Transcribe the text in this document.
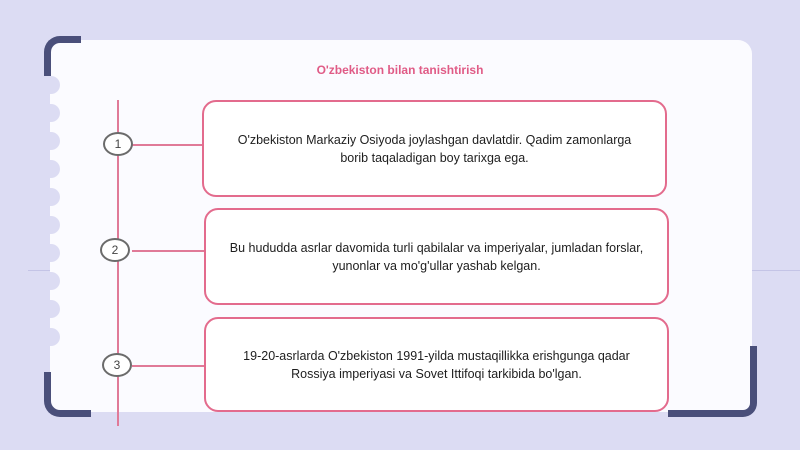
O'zbekiston bilan tanishtirish
1
2
3
O'zbekiston Markaziy Osiyoda joylashgan davlatdir. Qadim zamonlarga borib taqaladigan boy tarixga ega.
Bu hududda asrlar davomida turli qabilalar va imperiyalar, jumladan forslar, yunonlar va mo'g'ullar yashab kelgan.
19-20-asrlarda O'zbekiston 1991-yilda mustaqillikka erishgunga qadar Rossiya imperiyasi va Sovet Ittifoqi tarkibida bo'lgan.
